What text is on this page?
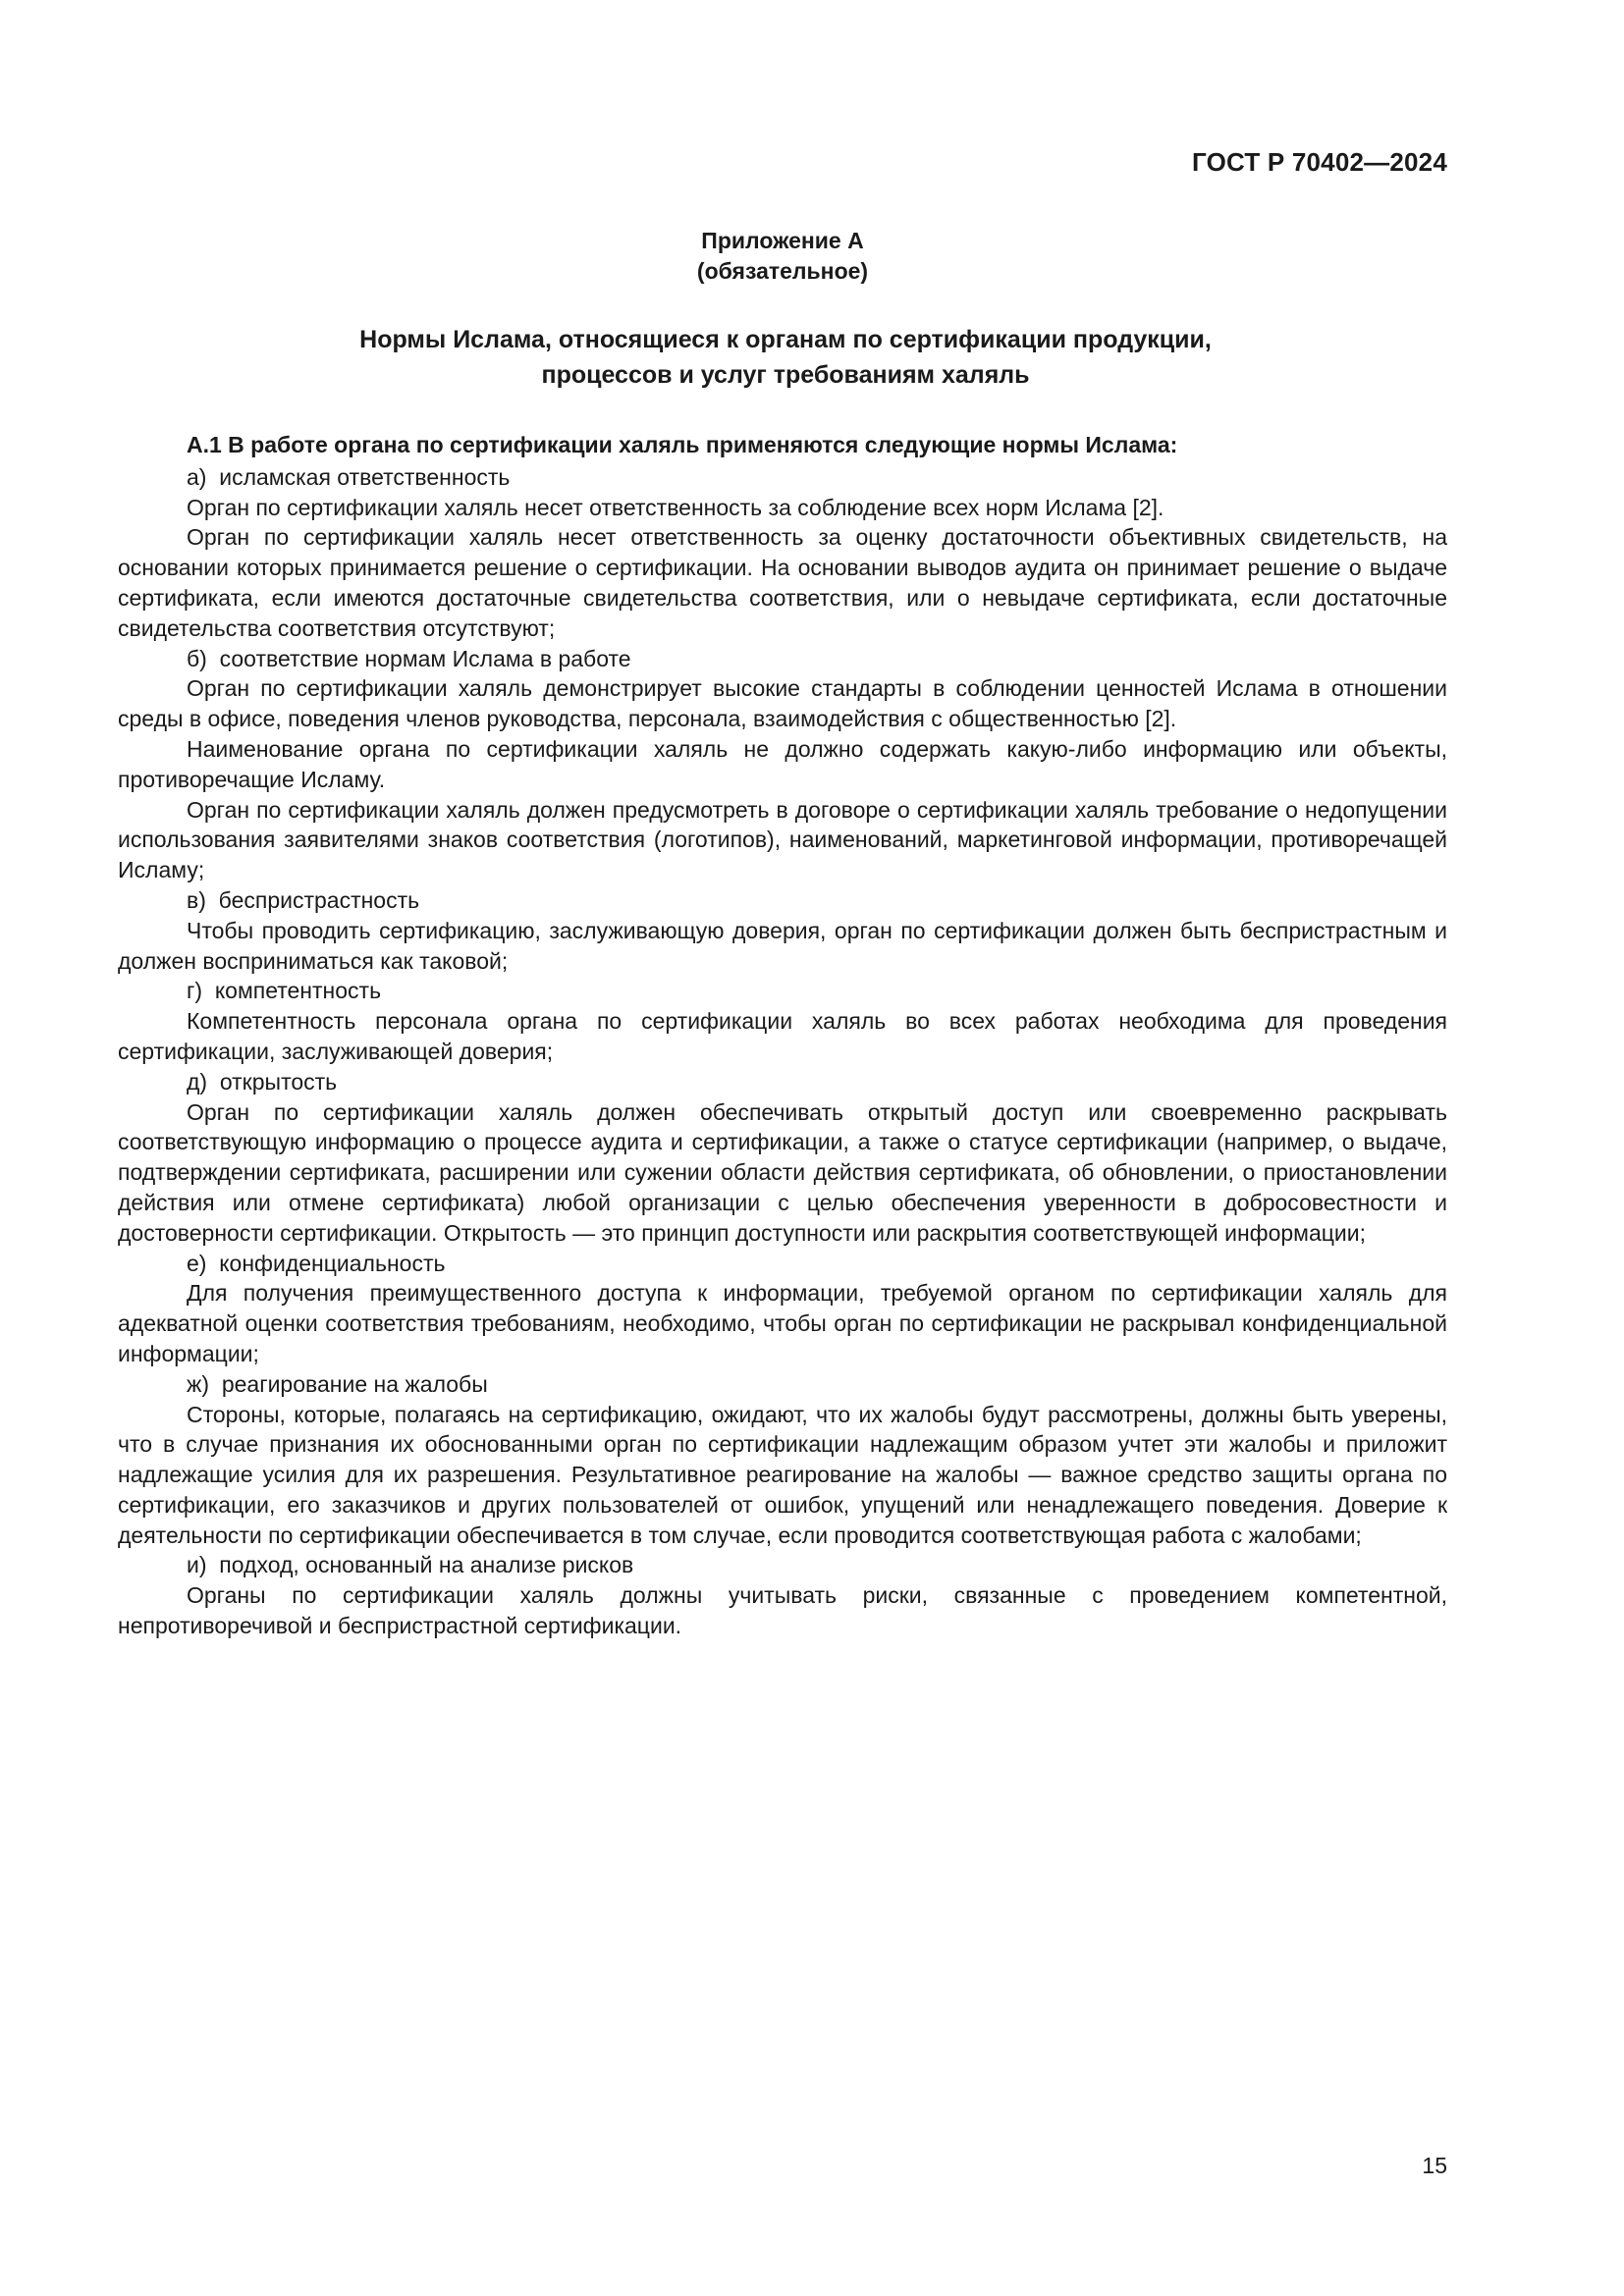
ГОСТ Р 70402—2024
Приложение А
(обязательное)
Нормы Ислама, относящиеся к органам по сертификации продукции,
процессов и услуг требованиям халяль

А.1 В работе органа по сертификации халяль применяются следующие нормы Ислама:

а)  исламская ответственность

Орган по сертификации халяль несет ответственность за соблюдение всех норм Ислама [2].

Орган по сертификации халяль несет ответственность за оценку достаточности объективных свидетельств, на основании которых принимается решение о сертификации. На основании выводов аудита он принимает решение о выдаче сертификата, если имеются достаточные свидетельства соответствия, или о невыдаче сертификата, если достаточные свидетельства соответствия отсутствуют;

б)  соответствие нормам Ислама в работе

Орган по сертификации халяль демонстрирует высокие стандарты в соблюдении ценностей Ислама в отношении среды в офисе, поведения членов руководства, персонала, взаимодействия с общественностью [2].

Наименование органа по сертификации халяль не должно содержать какую-либо информацию или объекты, противоречащие Исламу.

Орган по сертификации халяль должен предусмотреть в договоре о сертификации халяль требование о недопущении использования заявителями знаков соответствия (логотипов), наименований, маркетинговой информации, противоречащей Исламу;

в)  беспристрастность

Чтобы проводить сертификацию, заслуживающую доверия, орган по сертификации должен быть беспристрастным и должен восприниматься как таковой;

г)  компетентность

Компетентность персонала органа по сертификации халяль во всех работах необходима для проведения сертификации, заслуживающей доверия;

д)  открытость

Орган по сертификации халяль должен обеспечивать открытый доступ или своевременно раскрывать соответствующую информацию о процессе аудита и сертификации, а также о статусе сертификации (например, о выдаче, подтверждении сертификата, расширении или сужении области действия сертификата, об обновлении, о приостановлении действия или отмене сертификата) любой организации с целью обеспечения уверенности в добросовестности и достоверности сертификации. Открытость — это принцип доступности или раскрытия соответствующей информации;

е)  конфиденциальность

Для получения преимущественного доступа к информации, требуемой органом по сертификации халяль для адекватной оценки соответствия требованиям, необходимо, чтобы орган по сертификации не раскрывал конфиденциальной информации;

ж)  реагирование на жалобы

Стороны, которые, полагаясь на сертификацию, ожидают, что их жалобы будут рассмотрены, должны быть уверены, что в случае признания их обоснованными орган по сертификации надлежащим образом учтет эти жалобы и приложит надлежащие усилия для их разрешения. Результативное реагирование на жалобы — важное средство защиты органа по сертификации, его заказчиков и других пользователей от ошибок, упущений или ненадлежащего поведения. Доверие к деятельности по сертификации обеспечивается в том случае, если проводится соответствующая работа с жалобами;

и)  подход, основанный на анализе рисков

Органы по сертификации халяль должны учитывать риски, связанные с проведением компетентной, непротиворечивой и беспристрастной сертификации.

15
